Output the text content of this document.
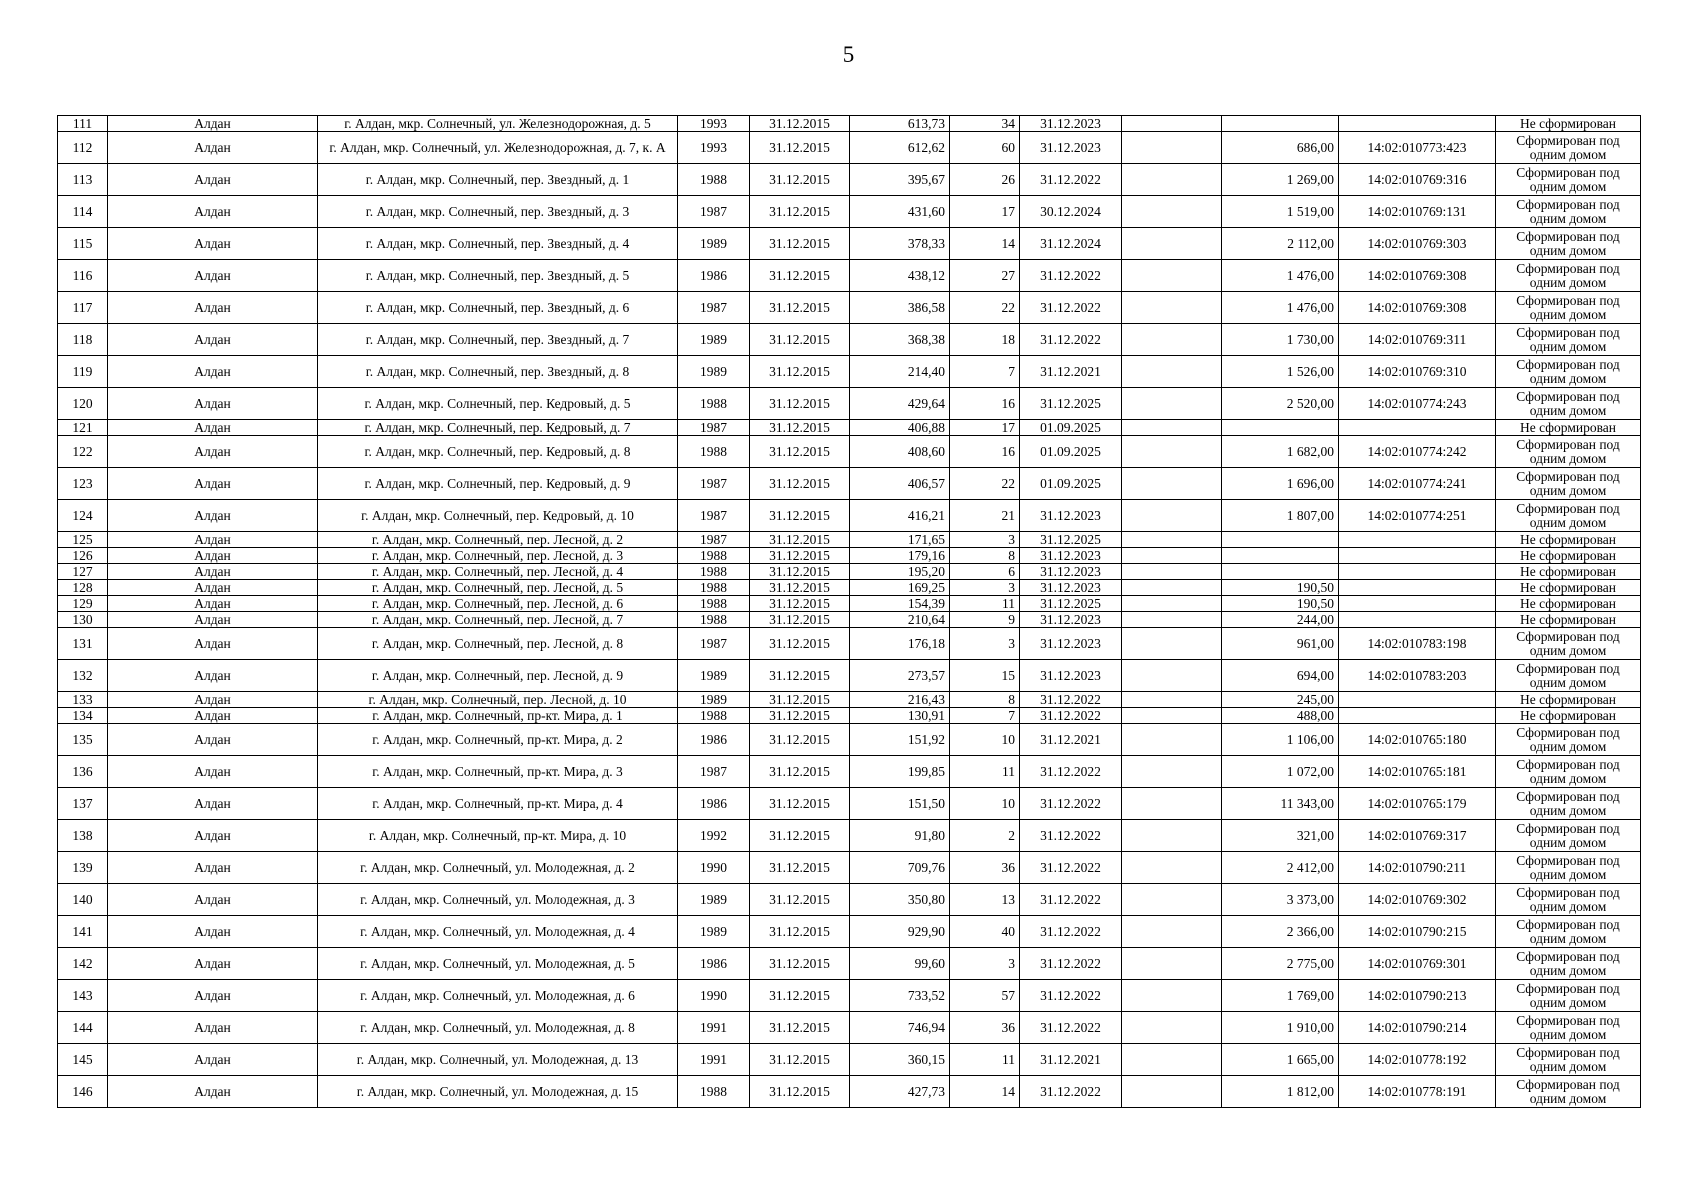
5
111	Алдан	г. Алдан, мкр. Солнечный, ул. Железнодорожная, д. 5	1993	31.12.2015	613,73	34	31.12.2023				Не сформирован
112	Алдан	г. Алдан, мкр. Солнечный, ул. Железнодорожная, д. 7, к. А	1993	31.12.2015	612,62	60	31.12.2023		686,00	14:02:010773:423	Сформирован под одним домом
113	Алдан	г. Алдан, мкр. Солнечный, пер. Звездный, д. 1	1988	31.12.2015	395,67	26	31.12.2022		1 269,00	14:02:010769:316	Сформирован под одним домом
114	Алдан	г. Алдан, мкр. Солнечный, пер. Звездный, д. 3	1987	31.12.2015	431,60	17	30.12.2024		1 519,00	14:02:010769:131	Сформирован под одним домом
115	Алдан	г. Алдан, мкр. Солнечный, пер. Звездный, д. 4	1989	31.12.2015	378,33	14	31.12.2024		2 112,00	14:02:010769:303	Сформирован под одним домом
116	Алдан	г. Алдан, мкр. Солнечный, пер. Звездный, д. 5	1986	31.12.2015	438,12	27	31.12.2022		1 476,00	14:02:010769:308	Сформирован под одним домом
117	Алдан	г. Алдан, мкр. Солнечный, пер. Звездный, д. 6	1987	31.12.2015	386,58	22	31.12.2022		1 476,00	14:02:010769:308	Сформирован под одним домом
118	Алдан	г. Алдан, мкр. Солнечный, пер. Звездный, д. 7	1989	31.12.2015	368,38	18	31.12.2022		1 730,00	14:02:010769:311	Сформирован под одним домом
119	Алдан	г. Алдан, мкр. Солнечный, пер. Звездный, д. 8	1989	31.12.2015	214,40	7	31.12.2021		1 526,00	14:02:010769:310	Сформирован под одним домом
120	Алдан	г. Алдан, мкр. Солнечный, пер. Кедровый, д. 5	1988	31.12.2015	429,64	16	31.12.2025		2 520,00	14:02:010774:243	Сформирован под одним домом
121	Алдан	г. Алдан, мкр. Солнечный, пер. Кедровый, д. 7	1987	31.12.2015	406,88	17	01.09.2025				Не сформирован
122	Алдан	г. Алдан, мкр. Солнечный, пер. Кедровый, д. 8	1988	31.12.2015	408,60	16	01.09.2025		1 682,00	14:02:010774:242	Сформирован под одним домом
123	Алдан	г. Алдан, мкр. Солнечный, пер. Кедровый, д. 9	1987	31.12.2015	406,57	22	01.09.2025		1 696,00	14:02:010774:241	Сформирован под одним домом
124	Алдан	г. Алдан, мкр. Солнечный, пер. Кедровый, д. 10	1987	31.12.2015	416,21	21	31.12.2023		1 807,00	14:02:010774:251	Сформирован под одним домом
125	Алдан	г. Алдан, мкр. Солнечный, пер. Лесной, д. 2	1987	31.12.2015	171,65	3	31.12.2025				Не сформирован
126	Алдан	г. Алдан, мкр. Солнечный, пер. Лесной, д. 3	1988	31.12.2015	179,16	8	31.12.2023				Не сформирован
127	Алдан	г. Алдан, мкр. Солнечный, пер. Лесной, д. 4	1988	31.12.2015	195,20	6	31.12.2023				Не сформирован
128	Алдан	г. Алдан, мкр. Солнечный, пер. Лесной, д. 5	1988	31.12.2015	169,25	3	31.12.2023		190,50		Не сформирован
129	Алдан	г. Алдан, мкр. Солнечный, пер. Лесной, д. 6	1988	31.12.2015	154,39	11	31.12.2025		190,50		Не сформирован
130	Алдан	г. Алдан, мкр. Солнечный, пер. Лесной, д. 7	1988	31.12.2015	210,64	9	31.12.2023		244,00		Не сформирован
131	Алдан	г. Алдан, мкр. Солнечный, пер. Лесной, д. 8	1987	31.12.2015	176,18	3	31.12.2023		961,00	14:02:010783:198	Сформирован под одним домом
132	Алдан	г. Алдан, мкр. Солнечный, пер. Лесной, д. 9	1989	31.12.2015	273,57	15	31.12.2023		694,00	14:02:010783:203	Сформирован под одним домом
133	Алдан	г. Алдан, мкр. Солнечный, пер. Лесной, д. 10	1989	31.12.2015	216,43	8	31.12.2022		245,00		Не сформирован
134	Алдан	г. Алдан, мкр. Солнечный, пр-кт. Мира, д. 1	1988	31.12.2015	130,91	7	31.12.2022		488,00		Не сформирован
135	Алдан	г. Алдан, мкр. Солнечный, пр-кт. Мира, д. 2	1986	31.12.2015	151,92	10	31.12.2021		1 106,00	14:02:010765:180	Сформирован под одним домом
136	Алдан	г. Алдан, мкр. Солнечный, пр-кт. Мира, д. 3	1987	31.12.2015	199,85	11	31.12.2022		1 072,00	14:02:010765:181	Сформирован под одним домом
137	Алдан	г. Алдан, мкр. Солнечный, пр-кт. Мира, д. 4	1986	31.12.2015	151,50	10	31.12.2022		11 343,00	14:02:010765:179	Сформирован под одним домом
138	Алдан	г. Алдан, мкр. Солнечный, пр-кт. Мира, д. 10	1992	31.12.2015	91,80	2	31.12.2022		321,00	14:02:010769:317	Сформирован под одним домом
139	Алдан	г. Алдан, мкр. Солнечный, ул. Молодежная, д. 2	1990	31.12.2015	709,76	36	31.12.2022		2 412,00	14:02:010790:211	Сформирован под одним домом
140	Алдан	г. Алдан, мкр. Солнечный, ул. Молодежная, д. 3	1989	31.12.2015	350,80	13	31.12.2022		3 373,00	14:02:010769:302	Сформирован под одним домом
141	Алдан	г. Алдан, мкр. Солнечный, ул. Молодежная, д. 4	1989	31.12.2015	929,90	40	31.12.2022		2 366,00	14:02:010790:215	Сформирован под одним домом
142	Алдан	г. Алдан, мкр. Солнечный, ул. Молодежная, д. 5	1986	31.12.2015	99,60	3	31.12.2022		2 775,00	14:02:010769:301	Сформирован под одним домом
143	Алдан	г. Алдан, мкр. Солнечный, ул. Молодежная, д. 6	1990	31.12.2015	733,52	57	31.12.2022		1 769,00	14:02:010790:213	Сформирован под одним домом
144	Алдан	г. Алдан, мкр. Солнечный, ул. Молодежная, д. 8	1991	31.12.2015	746,94	36	31.12.2022		1 910,00	14:02:010790:214	Сформирован под одним домом
145	Алдан	г. Алдан, мкр. Солнечный, ул. Молодежная, д. 13	1991	31.12.2015	360,15	11	31.12.2021		1 665,00	14:02:010778:192	Сформирован под одним домом
146	Алдан	г. Алдан, мкр. Солнечный, ул. Молодежная, д. 15	1988	31.12.2015	427,73	14	31.12.2022		1 812,00	14:02:010778:191	Сформирован под одним домом
